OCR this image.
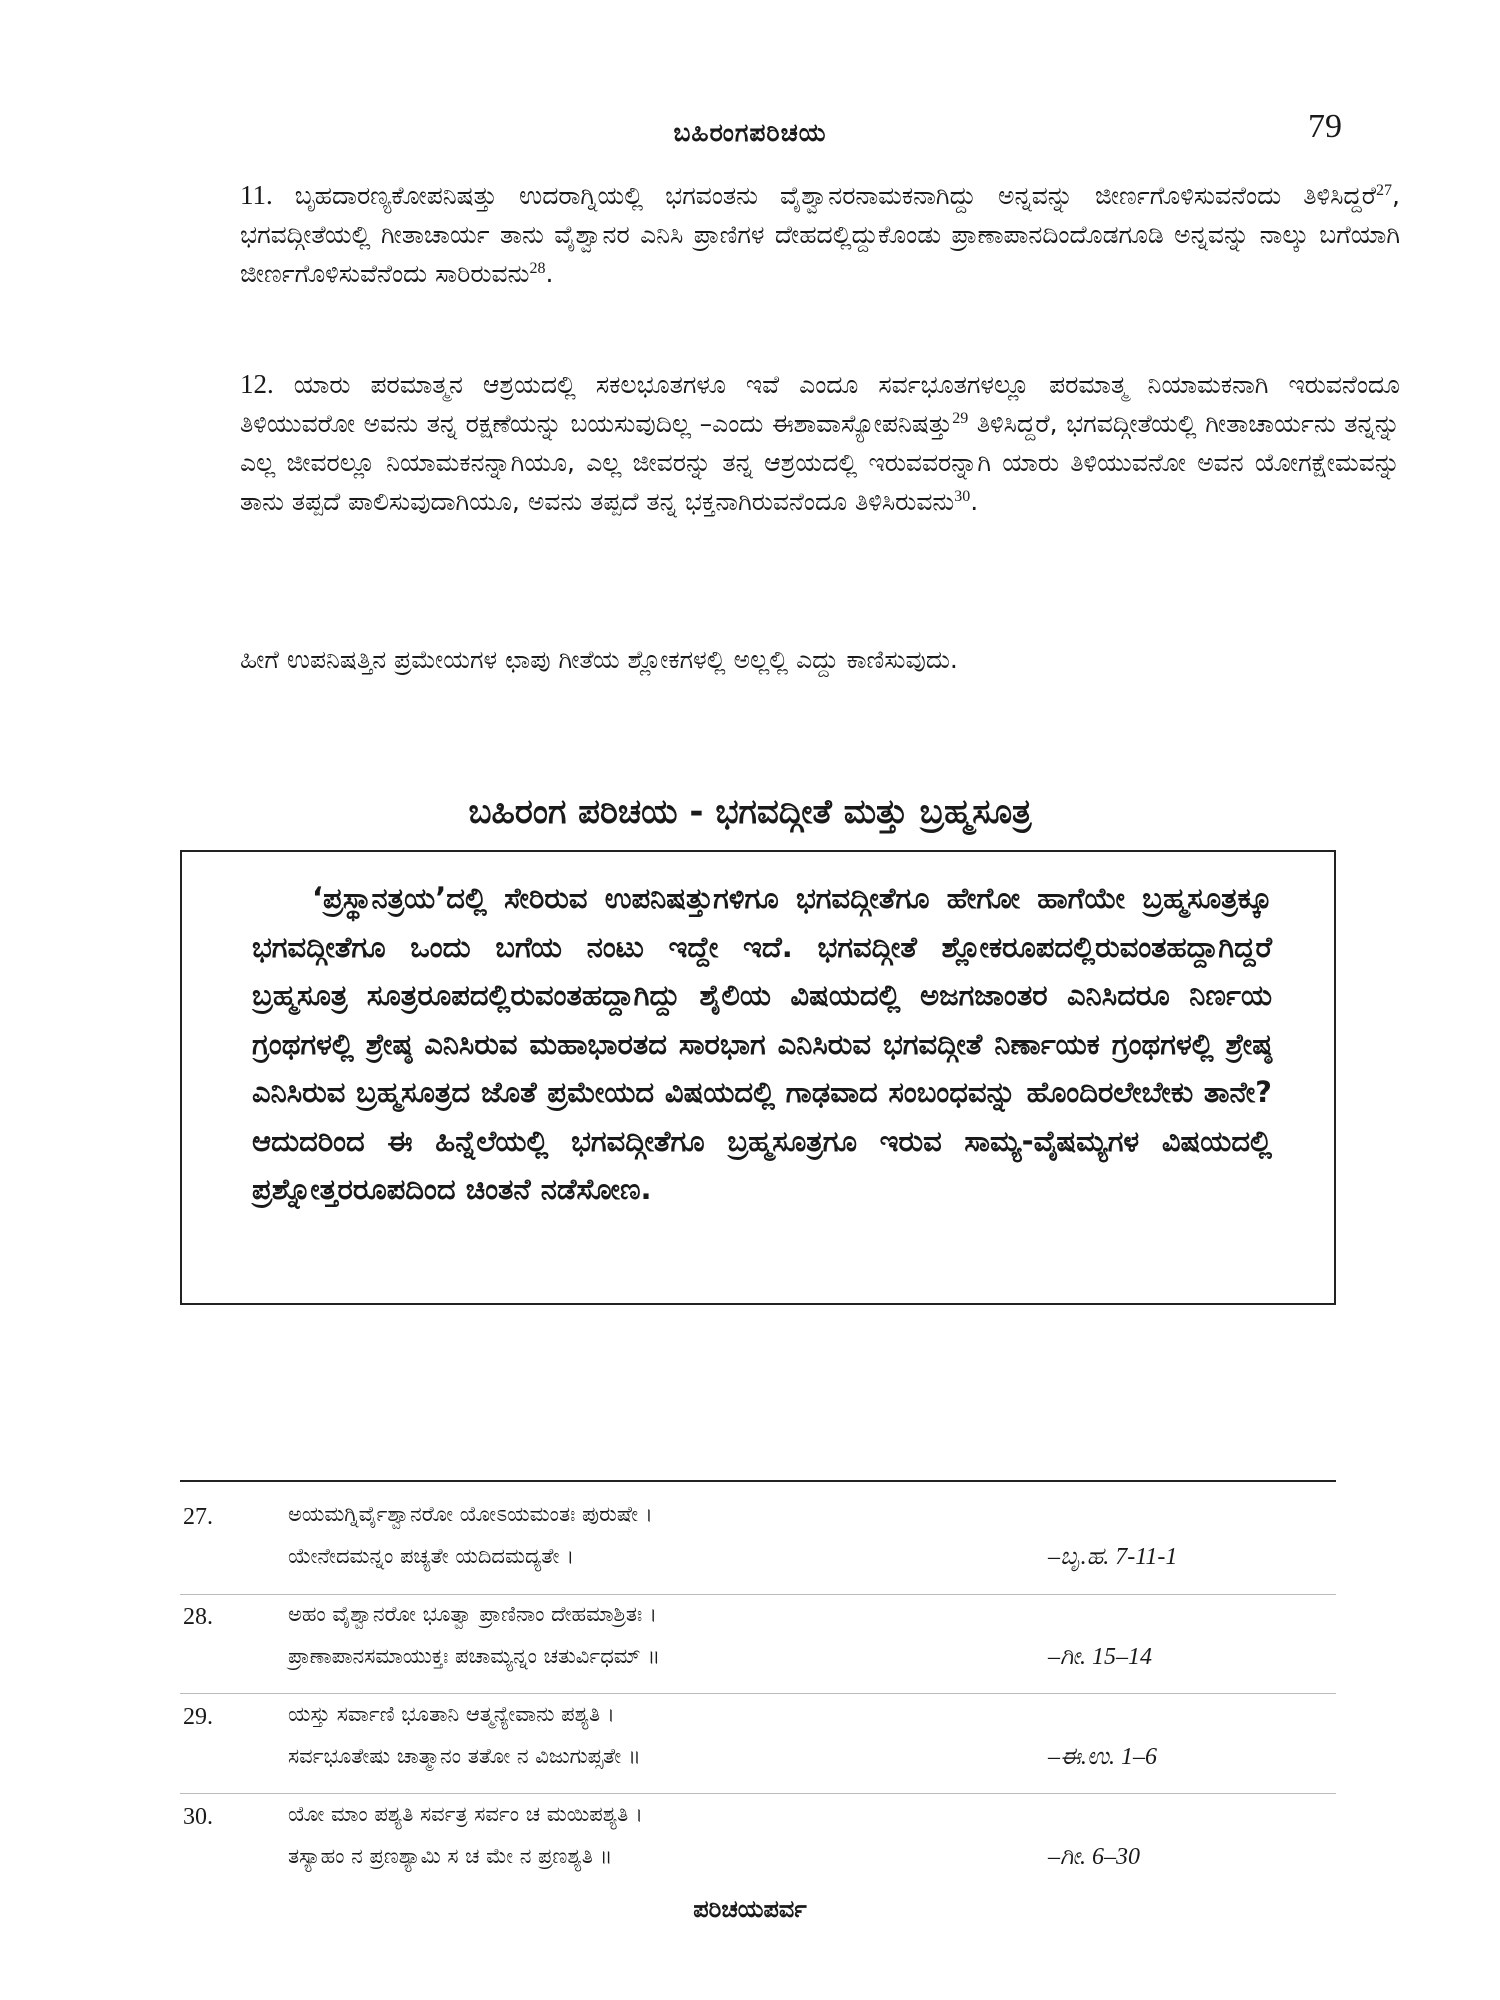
ಬಹಿರಂಗಪರಿಚಯ	79
11. ಬೃಹದಾರಣ್ಯಕೋಪನಿಷತ್ತು ಉದರಾಗ್ನಿಯಲ್ಲಿ ಭಗವಂತನು ವೈಶ್ವಾನರನಾಮಕನಾಗಿದ್ದು ಅನ್ನವನ್ನು ಜೀರ್ಣಗೊಳಿಸುವನೆಂದು ತಿಳಿಸಿದ್ದರೆ$^{27}$, ಭಗವದ್ಗೀತೆಯಲ್ಲಿ ಗೀತಾಚಾರ್ಯ ತಾನು ವೈಶ್ವಾನರ ಎನಿಸಿ ಪ್ರಾಣಿಗಳ ದೇಹದಲ್ಲಿದ್ದುಕೊಂಡು ಪ್ರಾಣಾಪಾನದಿಂದೊಡಗೂಡಿ ಅನ್ನವನ್ನು ನಾಲ್ಕು ಬಗೆಯಾಗಿ ಜೀರ್ಣಗೊಳಿಸುವೆನೆಂದು ಸಾರಿರುವನು$^{28}$.
12. ಯಾರು ಪರಮಾತ್ಮನ ಆಶ್ರಯದಲ್ಲಿ ಸಕಲಭೂತಗಳೂ ಇವೆ ಎಂದೂ ಸರ್ವಭೂತಗಳಲ್ಲೂ ಪರಮಾತ್ಮ ನಿಯಾಮಕನಾಗಿ ಇರುವನೆಂದೂ ತಿಳಿಯುವರೋ ಅವನು ತನ್ನ ರಕ್ಷಣೆಯನ್ನು ಬಯಸುವುದಿಲ್ಲ –ಎಂದು ಈಶಾವಾಸ್ಯೋಪನಿಷತ್ತು$^{29}$ ತಿಳಿಸಿದ್ದರೆ, ಭಗವದ್ಗೀತೆಯಲ್ಲಿ ಗೀತಾಚಾರ್ಯನು ತನ್ನನ್ನು ಎಲ್ಲ ಜೀವರಲ್ಲೂ ನಿಯಾಮಕನನ್ನಾಗಿಯೂ, ಎಲ್ಲ ಜೀವರನ್ನು ತನ್ನ ಆಶ್ರಯದಲ್ಲಿ ಇರುವವರನ್ನಾಗಿ ಯಾರು ತಿಳಿಯುವನೋ ಅವನ ಯೋಗಕ್ಷೇಮವನ್ನು ತಾನು ತಪ್ಪದೆ ಪಾಲಿಸುವುದಾಗಿಯೂ, ಅವನು ತಪ್ಪದೆ ತನ್ನ ಭಕ್ತನಾಗಿರುವನೆಂದೂ ತಿಳಿಸಿರುವನು$^{30}$.
ಹೀಗೆ ಉಪನಿಷತ್ತಿನ ಪ್ರಮೇಯಗಳ ಛಾಪು ಗೀತೆಯ ಶ್ಲೋಕಗಳಲ್ಲಿ ಅಲ್ಲಲ್ಲಿ ಎದ್ದು ಕಾಣಿಸುವುದು.
ಬಹಿರಂಗ ಪರಿಚಯ - ಭಗವದ್ಗೀತೆ ಮತ್ತು ಬ್ರಹ್ಮಸೂತ್ರ
‘ಪ್ರಸ್ಥಾನತ್ರಯ’ದಲ್ಲಿ ಸೇರಿರುವ ಉಪನಿಷತ್ತುಗಳಿಗೂ ಭಗವದ್ಗೀತೆಗೂ ಹೇಗೋ ಹಾಗೆಯೇ ಬ್ರಹ್ಮಸೂತ್ರಕ್ಕೂ ಭಗವದ್ಗೀತೆಗೂ ಒಂದು ಬಗೆಯ ನಂಟು ಇದ್ದೇ ಇದೆ. ಭಗವದ್ಗೀತೆ ಶ್ಲೋಕರೂಪದಲ್ಲಿರುವಂತಹದ್ದಾಗಿದ್ದರೆ ಬ್ರಹ್ಮಸೂತ್ರ ಸೂತ್ರರೂಪದಲ್ಲಿರುವಂತಹದ್ದಾಗಿದ್ದು ಶೈಲಿಯ ವಿಷಯದಲ್ಲಿ ಅಜಗಜಾಂತರ ಎನಿಸಿದರೂ ನಿರ್ಣಯ ಗ್ರಂಥಗಳಲ್ಲಿ ಶ್ರೇಷ್ಠ ಎನಿಸಿರುವ ಮಹಾಭಾರತದ ಸಾರಭಾಗ ಎನಿಸಿರುವ ಭಗವದ್ಗೀತೆ ನಿರ್ಣಾಯಕ ಗ್ರಂಥಗಳಲ್ಲಿ ಶ್ರೇಷ್ಠ ಎನಿಸಿರುವ ಬ್ರಹ್ಮಸೂತ್ರದ ಜೊತೆ ಪ್ರಮೇಯದ ವಿಷಯದಲ್ಲಿ ಗಾಢವಾದ ಸಂಬಂಧವನ್ನು ಹೊಂದಿರಲೇಬೇಕು ತಾನೇ? ಆದುದರಿಂದ ಈ ಹಿನ್ನೆಲೆಯಲ್ಲಿ ಭಗವದ್ಗೀತೆಗೂ ಬ್ರಹ್ಮಸೂತ್ರಗೂ ಇರುವ ಸಾಮ್ಯ-ವೈಷಮ್ಯಗಳ ವಿಷಯದಲ್ಲಿ ಪ್ರಶ್ನೋತ್ತರರೂಪದಿಂದ ಚಿಂತನೆ ನಡೆಸೋಣ.
27.	ಅಯಮಗ್ನಿರ್ವೈಶ್ವಾನರೋ ಯೋಽಯಮಂತಃ ಪುರುಷೇ ।
ಯೇನೇದಮನ್ನಂ ಪಚ್ಯತೇ ಯದಿದಮದ್ಯತೇ ।	–ಬೃ.ಹ. 7-11-1
28.	ಅಹಂ ವೈಶ್ವಾನರೋ ಭೂತ್ವಾ ಪ್ರಾಣಿನಾಂ ದೇಹಮಾಶ್ರಿತಃ ।
ಪ್ರಾಣಾಪಾನಸಮಾಯುಕ್ತಃ ಪಚಾಮ್ಯನ್ನಂ ಚತುರ್ವಿಧಮ್ ॥	–ಗೀ. 15–14
29.	ಯಸ್ತು ಸರ್ವಾಣಿ ಭೂತಾನಿ ಆತ್ಮನ್ಯೇವಾನು ಪಶ್ಯತಿ ।
ಸರ್ವಭೂತೇಷು ಚಾತ್ಮಾನಂ ತತೋ ನ ವಿಜುಗುಪ್ಸತೇ ॥	–ಈ.ಉ. 1–6
30.	ಯೋ ಮಾಂ ಪಶ್ಯತಿ ಸರ್ವತ್ರ ಸರ್ವಂ ಚ ಮಯಿಪಶ್ಯತಿ ।
ತಸ್ಯಾಹಂ ನ ಪ್ರಣಶ್ಯಾಮಿ ಸ ಚ ಮೇ ನ ಪ್ರಣಶ್ಯತಿ ॥	–ಗೀ. 6–30
ಪರಿಚಯಪರ್ವ
